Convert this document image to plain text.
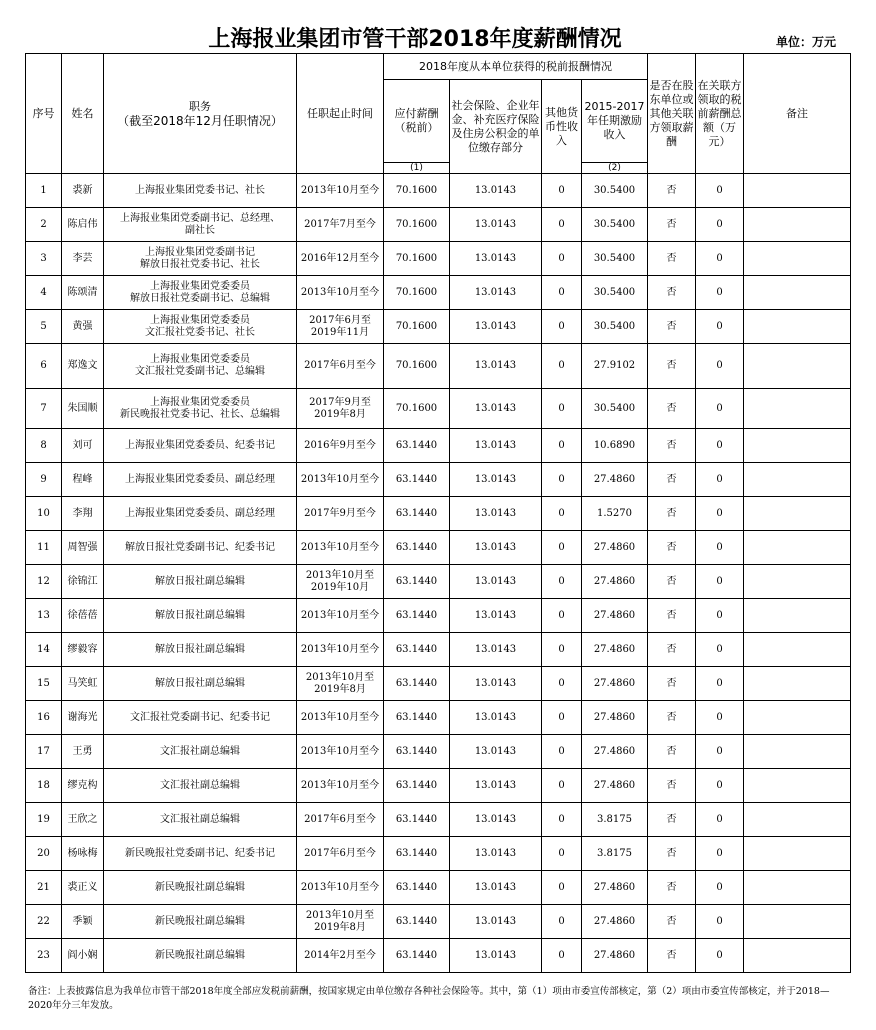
上海报业集团市管干部2018年度薪酬情况	单位：万元
序号	姓名	职务
（截至2018年12月任职情况）	任职起止时间	2018年度从本单位获得的税前报酬情况				是否在股东单位或其他关联方领取薪酬	在关联方领取的税前薪酬总额（万元）	备注
				应付薪酬（税前）	社会保险、企业年金、补充医疗保险及住房公积金的单位缴存部分	其他货币性收入	2015-2017年任期激励收入			
				(1)			(2)			
1	裘新	上海报业集团党委书记、社长	2013年10月至今	70.1600	13.0143	0	30.5400	否	0	
2	陈启伟	上海报业集团党委副书记、总经理、
副社长	2017年7月至今	70.1600	13.0143	0	30.5400	否	0	
3	李芸	上海报业集团党委副书记
解放日报社党委书记、社长	2016年12月至今	70.1600	13.0143	0	30.5400	否	0	
4	陈颂清	上海报业集团党委委员
解放日报社党委副书记、总编辑	2013年10月至今	70.1600	13.0143	0	30.5400	否	0	
5	黄强	上海报业集团党委委员
文汇报社党委书记、社长	2017年6月至
2019年11月	70.1600	13.0143	0	30.5400	否	0	
6	郑逸文	上海报业集团党委委员
文汇报社党委副书记、总编辑	2017年6月至今	70.1600	13.0143	0	27.9102	否	0	
7	朱国顺	上海报业集团党委委员
新民晚报社党委书记、社长、总编辑	2017年9月至
2019年8月	70.1600	13.0143	0	30.5400	否	0	
8	刘可	上海报业集团党委委员、纪委书记	2016年9月至今	63.1440	13.0143	0	10.6890	否	0	
9	程峰	上海报业集团党委委员、副总经理	2013年10月至今	63.1440	13.0143	0	27.4860	否	0	
10	李翔	上海报业集团党委委员、副总经理	2017年9月至今	63.1440	13.0143	0	1.5270	否	0	
11	周智强	解放日报社党委副书记、纪委书记	2013年10月至今	63.1440	13.0143	0	27.4860	否	0	
12	徐锦江	解放日报社副总编辑	2013年10月至
2019年10月	63.1440	13.0143	0	27.4860	否	0	
13	徐蓓蓓	解放日报社副总编辑	2013年10月至今	63.1440	13.0143	0	27.4860	否	0	
14	缪毅容	解放日报社副总编辑	2013年10月至今	63.1440	13.0143	0	27.4860	否	0	
15	马笑虹	解放日报社副总编辑	2013年10月至
2019年8月	63.1440	13.0143	0	27.4860	否	0	
16	谢海光	文汇报社党委副书记、纪委书记	2013年10月至今	63.1440	13.0143	0	27.4860	否	0	
17	王勇	文汇报社副总编辑	2013年10月至今	63.1440	13.0143	0	27.4860	否	0	
18	缪克构	文汇报社副总编辑	2013年10月至今	63.1440	13.0143	0	27.4860	否	0	
19	王欣之	文汇报社副总编辑	2017年6月至今	63.1440	13.0143	0	3.8175	否	0	
20	杨咏梅	新民晚报社党委副书记、纪委书记	2017年6月至今	63.1440	13.0143	0	3.8175	否	0	
21	裘正义	新民晚报社副总编辑	2013年10月至今	63.1440	13.0143	0	27.4860	否	0	
22	季颖	新民晚报社副总编辑	2013年10月至
2019年8月	63.1440	13.0143	0	27.4860	否	0	
23	阎小娴	新民晚报社副总编辑	2014年2月至今	63.1440	13.0143	0	27.4860	否	0	
备注：上表披露信息为我单位市管干部2018年度全部应发税前薪酬，按国家规定由单位缴存各种社会保险等。其中，第（1）项由市委宣传部核定，第（2）项由市委宣传部核定，并于2018—2020年分三年发放。
